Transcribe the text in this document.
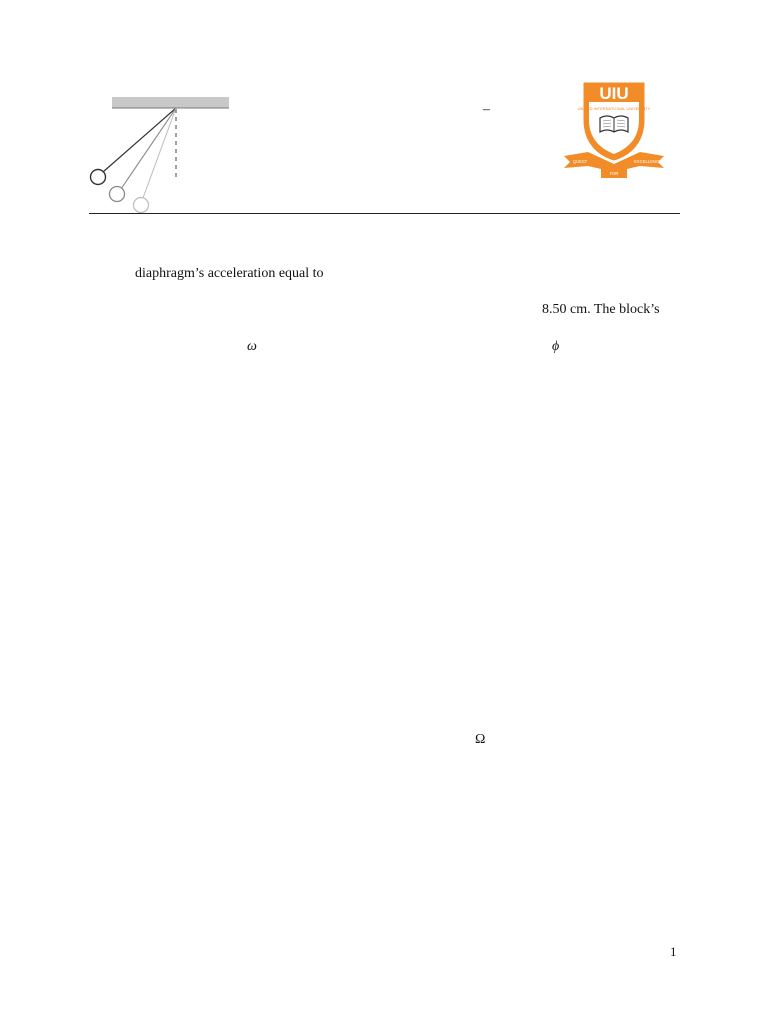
–
UIU
UNITED INTERNATIONAL UNIVERSITY
QUEST	EXCELLENCE
FOR
diaphragm’s acceleration equal to
8.50 cm. The block’s
ω	ϕ
Ω
1
